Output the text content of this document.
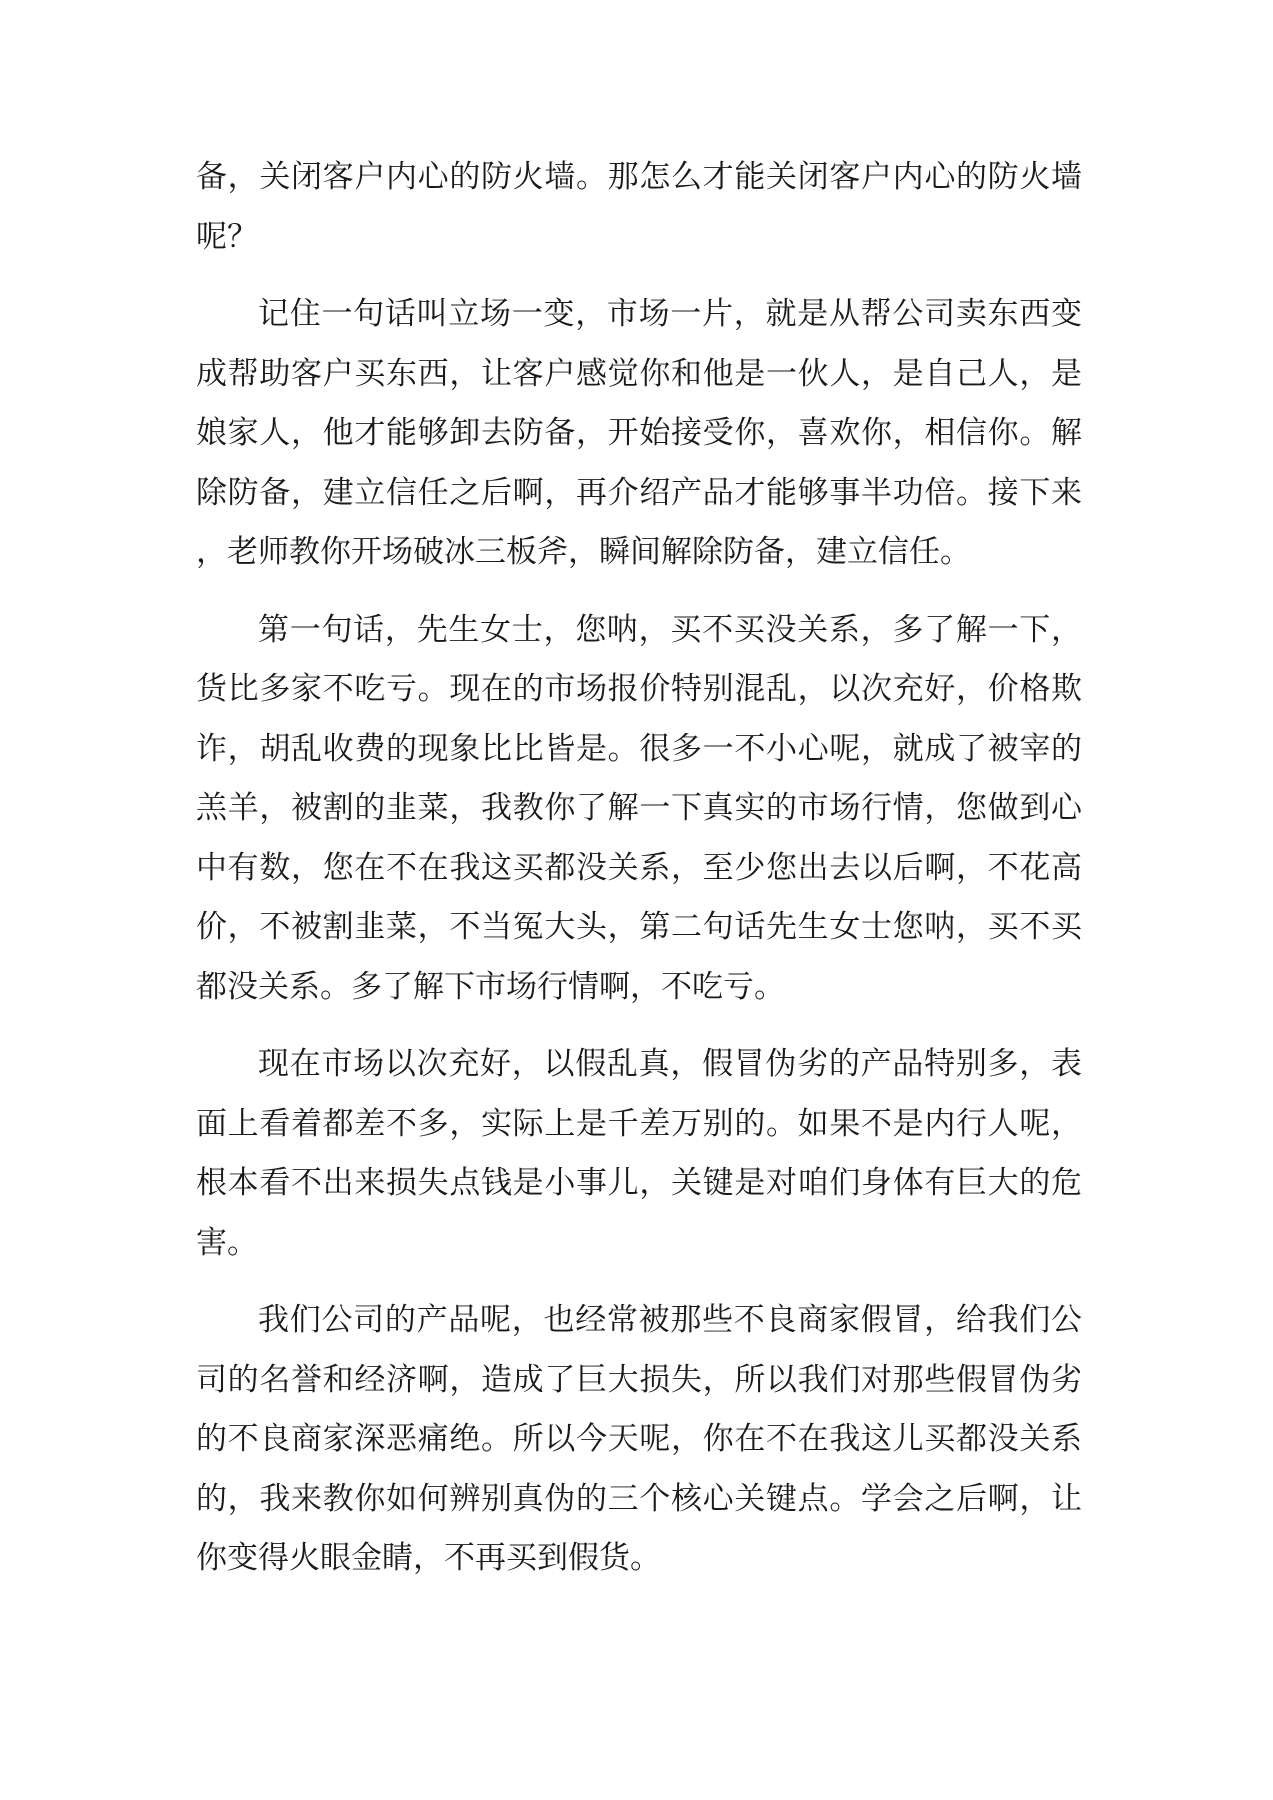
备，关闭客户内心的防火墙。那怎么才能关闭客户内心的防火墙呢？

记住一句话叫立场一变，市场一片，就是从帮公司卖东西变成帮助客户买东西，让客户感觉你和他是一伙人，是自己人，是娘家人，他才能够卸去防备，开始接受你，喜欢你，相信你。解除防备，建立信任之后啊，再介绍产品才能够事半功倍。接下来，老师教你开场破冰三板斧，瞬间解除防备，建立信任。

第一句话，先生女士，您呐，买不买没关系，多了解一下，货比多家不吃亏。现在的市场报价特别混乱，以次充好，价格欺诈，胡乱收费的现象比比皆是。很多一不小心呢，就成了被宰的羔羊，被割的韭菜，我教你了解一下真实的市场行情，您做到心中有数，您在不在我这买都没关系，至少您出去以后啊，不花高价，不被割韭菜，不当冤大头，第二句话先生女士您呐，买不买都没关系。多了解下市场行情啊，不吃亏。

现在市场以次充好，以假乱真，假冒伪劣的产品特别多，表面上看着都差不多，实际上是千差万别的。如果不是内行人呢，根本看不出来损失点钱是小事儿，关键是对咱们身体有巨大的危害。

我们公司的产品呢，也经常被那些不良商家假冒，给我们公司的名誉和经济啊，造成了巨大损失，所以我们对那些假冒伪劣的不良商家深恶痛绝。所以今天呢，你在不在我这儿买都没关系的，我来教你如何辨别真伪的三个核心关键点。学会之后啊，让你变得火眼金睛，不再买到假货。
